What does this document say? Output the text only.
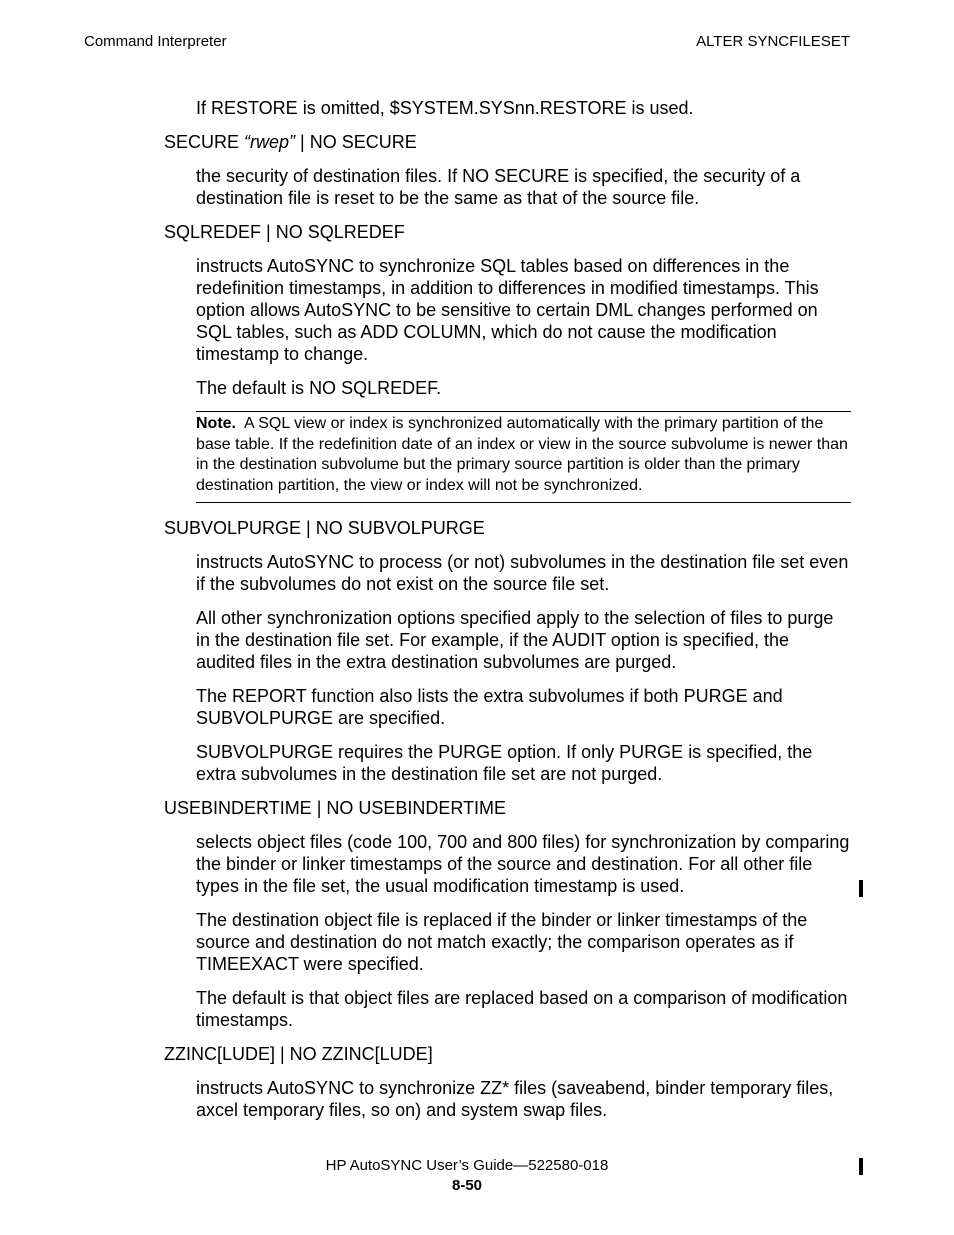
Command Interpreter	ALTER SYNCFILESET

If RESTORE is omitted, $SYSTEM.SYSnn.RESTORE is used.

SECURE “rwep” | NO SECURE

the security of destination files. If NO SECURE is specified, the security of a destination file is reset to be the same as that of the source file.

SQLREDEF | NO SQLREDEF

instructs AutoSYNC to synchronize SQL tables based on differences in the redefinition timestamps, in addition to differences in modified timestamps. This option allows AutoSYNC to be sensitive to certain DML changes performed on SQL tables, such as ADD COLUMN, which do not cause the modification timestamp to change.

The default is NO SQLREDEF.

Note. A SQL view or index is synchronized automatically with the primary partition of the base table. If the redefinition date of an index or view in the source subvolume is newer than in the destination subvolume but the primary source partition is older than the primary destination partition, the view or index will not be synchronized.

SUBVOLPURGE | NO SUBVOLPURGE

instructs AutoSYNC to process (or not) subvolumes in the destination file set even if the subvolumes do not exist on the source file set.

All other synchronization options specified apply to the selection of files to purge in the destination file set. For example, if the AUDIT option is specified, the audited files in the extra destination subvolumes are purged.

The REPORT function also lists the extra subvolumes if both PURGE and SUBVOLPURGE are specified.

SUBVOLPURGE requires the PURGE option. If only PURGE is specified, the extra subvolumes in the destination file set are not purged.

USEBINDERTIME | NO USEBINDERTIME

selects object files (code 100, 700 and 800 files) for synchronization by comparing the binder or linker timestamps of the source and destination. For all other file types in the file set, the usual modification timestamp is used.

The destination object file is replaced if the binder or linker timestamps of the source and destination do not match exactly; the comparison operates as if TIMEEXACT were specified.

The default is that object files are replaced based on a comparison of modification timestamps.

ZZINC[LUDE] | NO ZZINC[LUDE]

instructs AutoSYNC to synchronize ZZ* files (saveabend, binder temporary files, axcel temporary files, so on) and system swap files.

HP AutoSYNC User’s Guide—522580-018
8-50
